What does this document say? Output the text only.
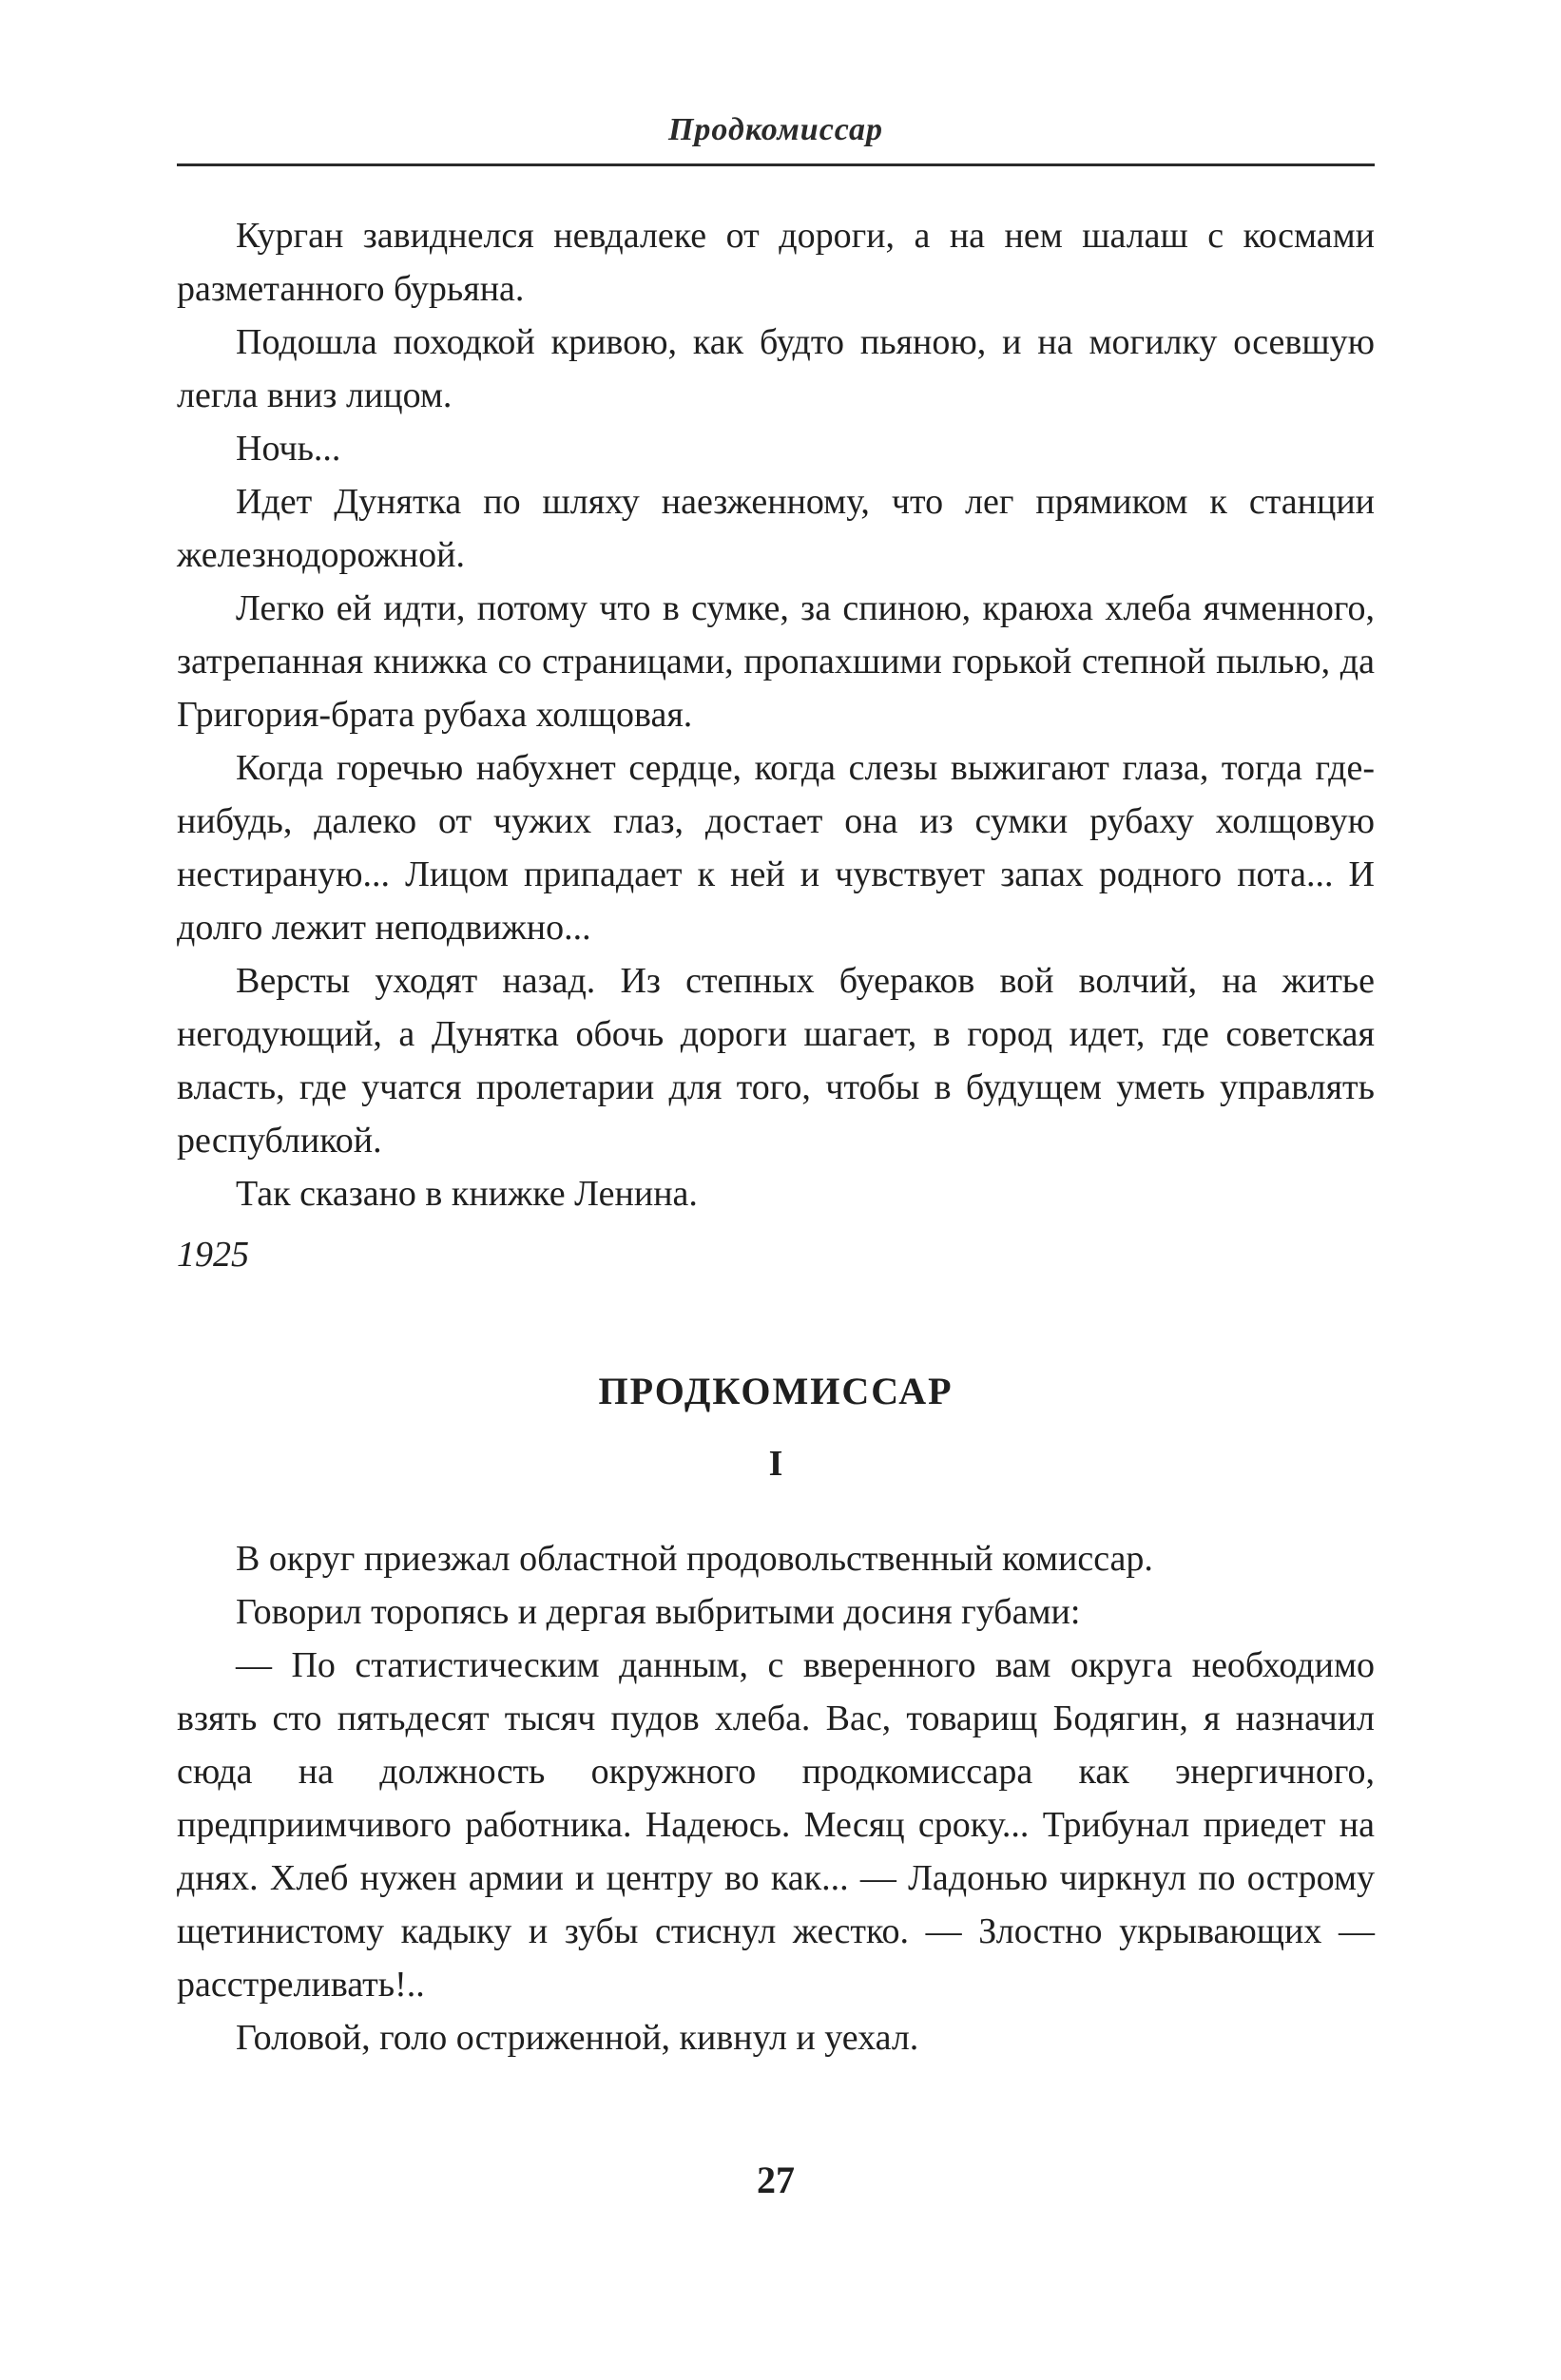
Продкомиссар

Курган завиднелся невдалеке от дороги, а на нем шалаш с космами разметанного бурьяна.

Подошла походкой кривою, как будто пьяною, и на могилку осевшую легла вниз лицом.

Ночь...

Идет Дунятка по шляху наезженному, что лег прямиком к станции железнодорожной.

Легко ей идти, потому что в сумке, за спиною, краюха хлеба ячменного, затрепанная книжка со страницами, пропахшими горькой степной пылью, да Григория-брата рубаха холщовая.

Когда горечью набухнет сердце, когда слезы выжигают глаза, тогда где-нибудь, далеко от чужих глаз, достает она из сумки рубаху холщовую нестираную... Лицом припадает к ней и чувствует запах родного пота... И долго лежит неподвижно...

Версты уходят назад. Из степных буераков вой волчий, на житье негодующий, а Дунятка обочь дороги шагает, в город идет, где советская власть, где учатся пролетарии для того, чтобы в будущем уметь управлять республикой.

Так сказано в книжке Ленина.

1925

ПРОДКОМИССАР
I

В округ приезжал областной продовольственный комиссар.

Говорил торопясь и дергая выбритыми досиня губами:

— По статистическим данным, с вверенного вам округа необходимо взять сто пятьдесят тысяч пудов хлеба. Вас, товарищ Бодягин, я назначил сюда на должность окружного продкомиссара как энергичного, предприимчивого работника. Надеюсь. Месяц сроку... Трибунал приедет на днях. Хлеб нужен армии и центру во как... — Ладонью чиркнул по острому щетинистому кадыку и зубы стиснул жестко. — Злостно укрывающих — расстреливать!..

Головой, голо остриженной, кивнул и уехал.

27
